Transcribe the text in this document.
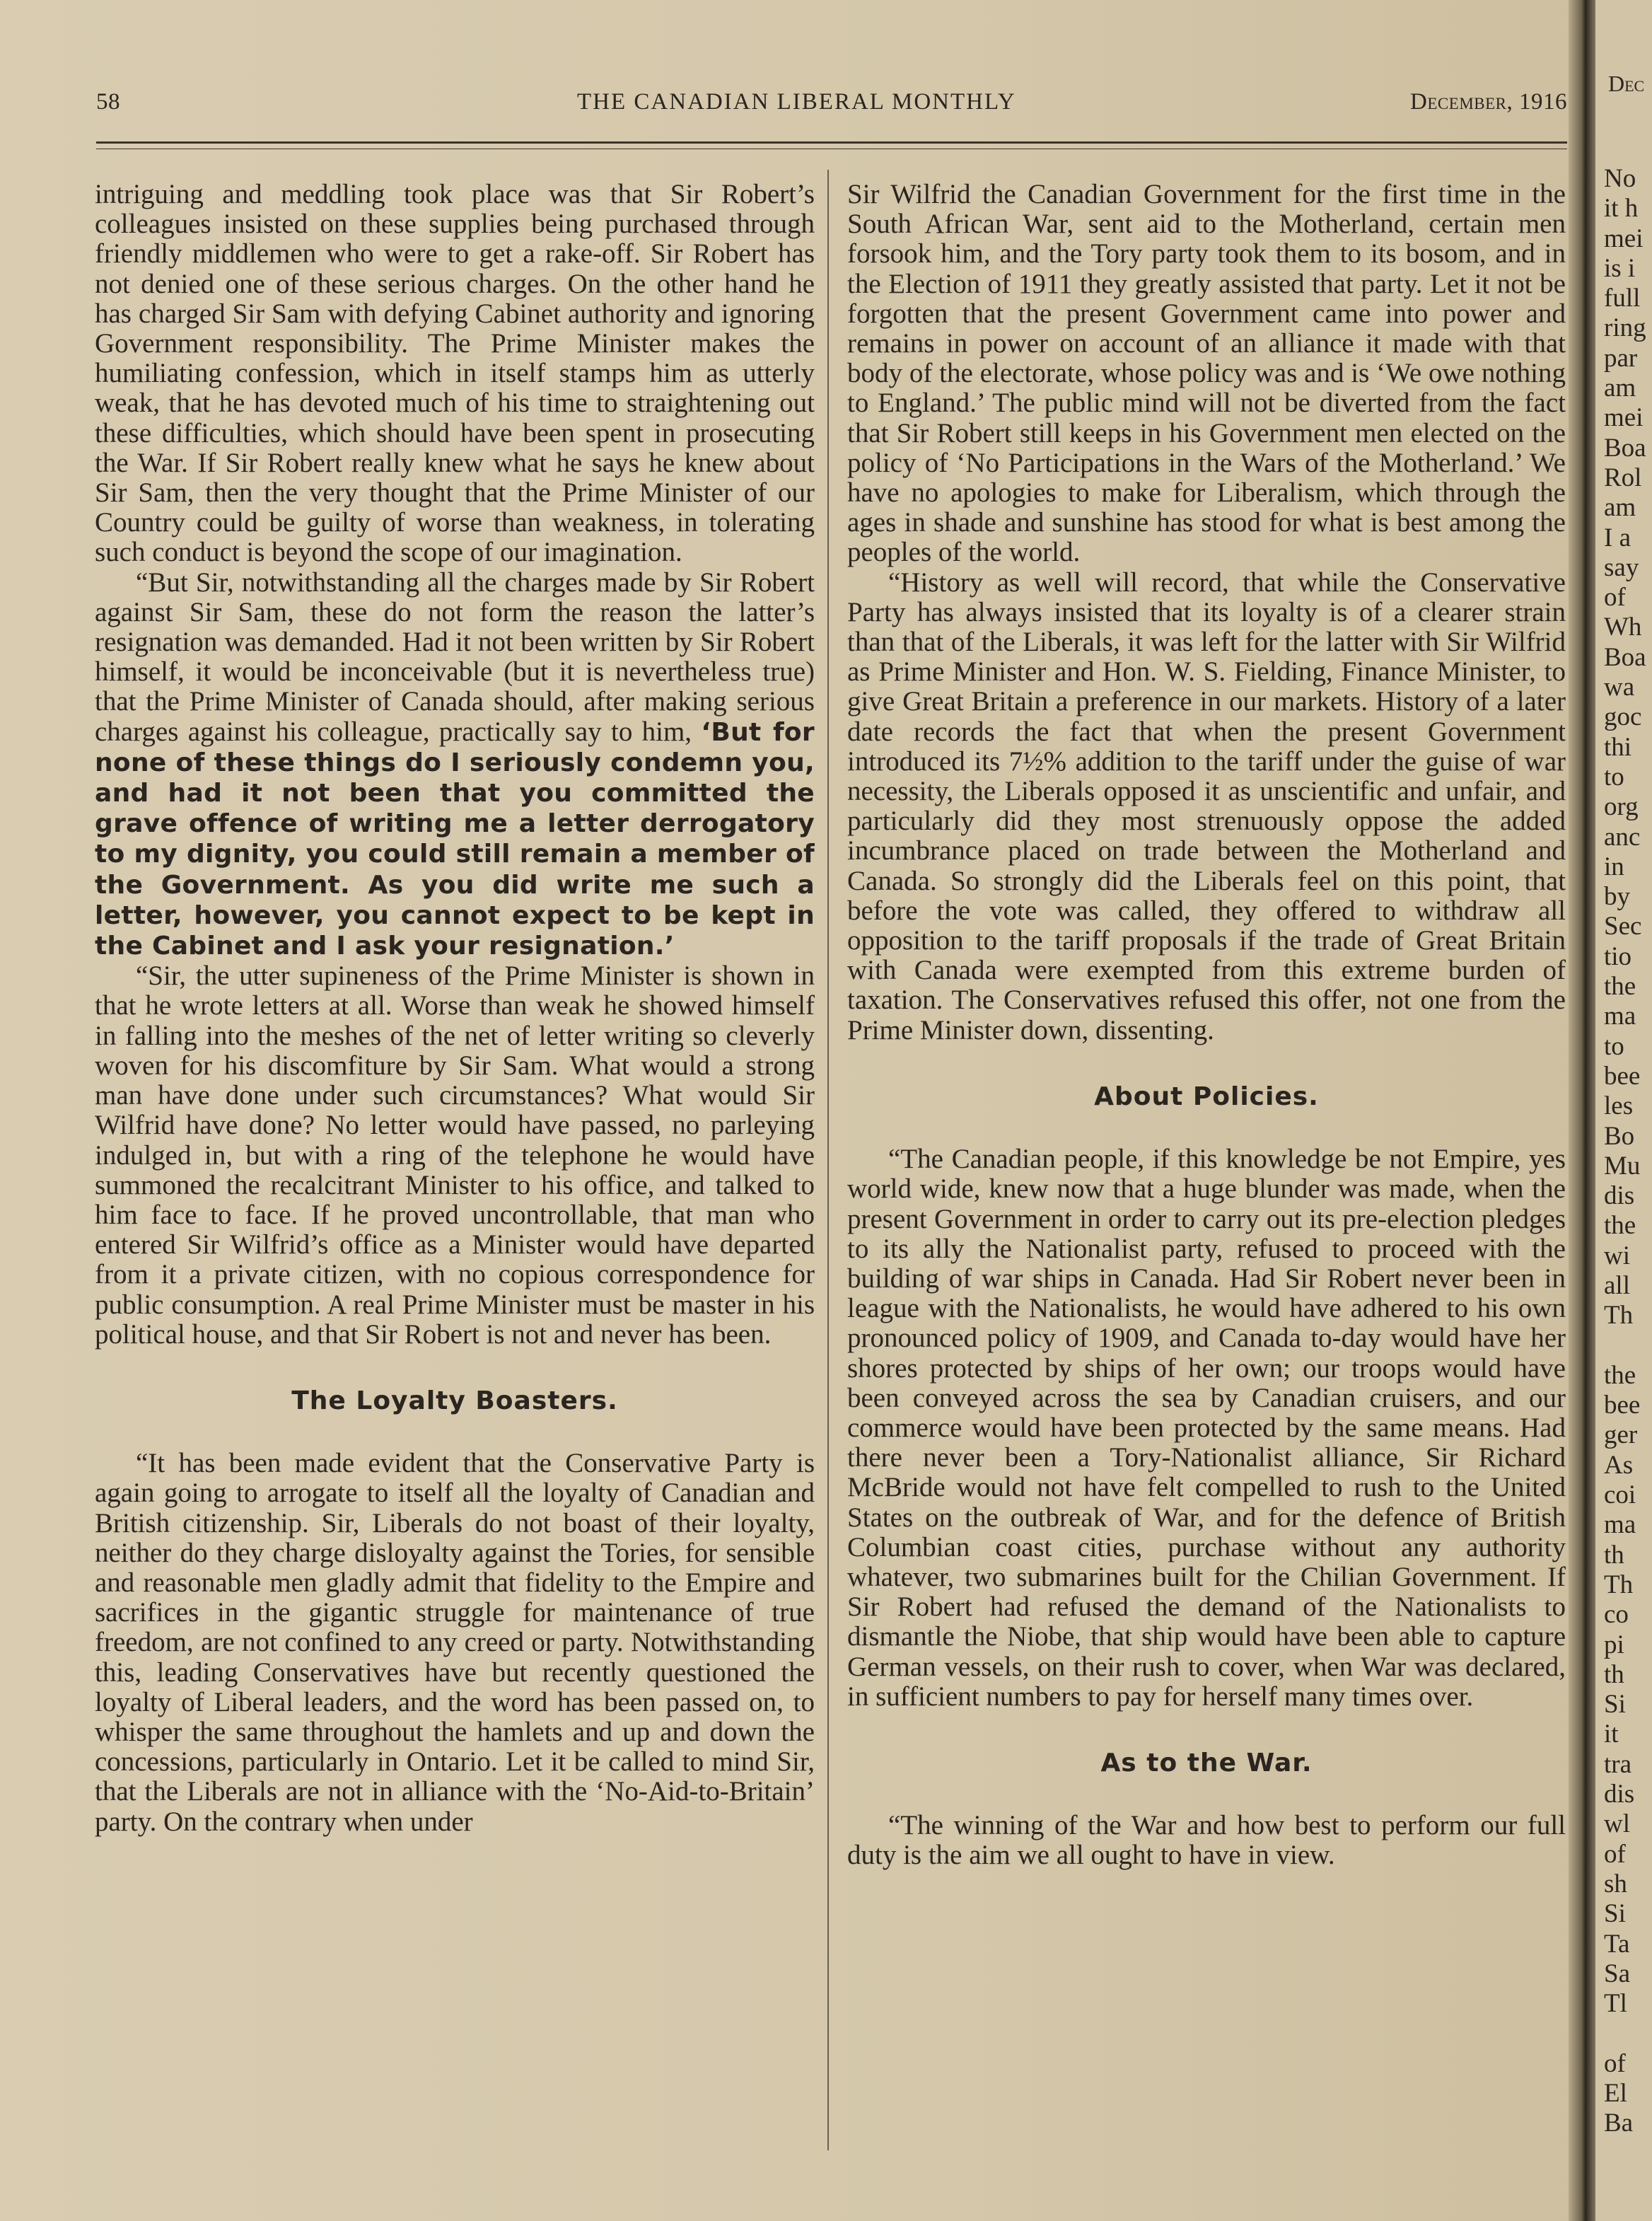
58	THE CANADIAN LIBERAL MONTHLY	December, 1916

intriguing and meddling took place was that Sir Robert’s colleagues insisted on these supplies being purchased through friendly middlemen who were to get a rake-off. Sir Robert has not denied one of these serious charges. On the other hand he has charged Sir Sam with defying Cabinet authority and ignoring Government responsibility. The Prime Minister makes the humiliating confession, which in itself stamps him as utterly weak, that he has devoted much of his time to straightening out these difficulties, which should have been spent in prosecuting the War. If Sir Robert really knew what he says he knew about Sir Sam, then the very thought that the Prime Minister of our Country could be guilty of worse than weakness, in tolerating such conduct is beyond the scope of our imagination.

“But Sir, notwithstanding all the charges made by Sir Robert against Sir Sam, these do not form the reason the latter’s resignation was demanded. Had it not been written by Sir Robert himself, it would be inconceivable (but it is nevertheless true) that the Prime Minister of Canada should, after making serious charges against his colleague, practically say to him, ‘But for none of these things do I seriously condemn you, and had it not been that you committed the grave offence of writing me a letter derrogatory to my dignity, you could still remain a member of the Government. As you did write me such a letter, however, you cannot expect to be kept in the Cabinet and I ask your resignation.’

“Sir, the utter supineness of the Prime Minister is shown in that he wrote letters at all. Worse than weak he showed himself in falling into the meshes of the net of letter writing so cleverly woven for his discomfiture by Sir Sam. What would a strong man have done under such circumstances? What would Sir Wilfrid have done? No letter would have passed, no parleying indulged in, but with a ring of the telephone he would have summoned the recalcitrant Minister to his office, and talked to him face to face. If he proved uncontrollable, that man who entered Sir Wilfrid’s office as a Minister would have departed from it a private citizen, with no copious correspondence for public consumption. A real Prime Minister must be master in his political house, and that Sir Robert is not and never has been.

The Loyalty Boasters.

“It has been made evident that the Conservative Party is again going to arrogate to itself all the loyalty of Canadian and British citizenship. Sir, Liberals do not boast of their loyalty, neither do they charge disloyalty against the Tories, for sensible and reasonable men gladly admit that fidelity to the Empire and sacrifices in the gigantic struggle for maintenance of true freedom, are not confined to any creed or party. Notwithstanding this, leading Conservatives have but recently questioned the loyalty of Liberal leaders, and the word has been passed on, to whisper the same throughout the hamlets and up and down the concessions, particularly in Ontario. Let it be called to mind Sir, that the Liberals are not in alliance with the ‘No-Aid-to-Britain’ party. On the contrary when under

Sir Wilfrid the Canadian Government for the first time in the South African War, sent aid to the Motherland, certain men forsook him, and the Tory party took them to its bosom, and in the Election of 1911 they greatly assisted that party. Let it not be forgotten that the present Government came into power and remains in power on account of an alliance it made with that body of the electorate, whose policy was and is ‘We owe nothing to England.’ The public mind will not be diverted from the fact that Sir Robert still keeps in his Government men elected on the policy of ‘No Participations in the Wars of the Motherland.’ We have no apologies to make for Liberalism, which through the ages in shade and sunshine has stood for what is best among the peoples of the world.

“History as well will record, that while the Conservative Party has always insisted that its loyalty is of a clearer strain than that of the Liberals, it was left for the latter with Sir Wilfrid as Prime Minister and Hon. W. S. Fielding, Finance Minister, to give Great Britain a preference in our markets. History of a later date records the fact that when the present Government introduced its 7½% addition to the tariff under the guise of war necessity, the Liberals opposed it as unscientific and unfair, and particularly did they most strenuously oppose the added incumbrance placed on trade between the Motherland and Canada. So strongly did the Liberals feel on this point, that before the vote was called, they offered to withdraw all opposition to the tariff proposals if the trade of Great Britain with Canada were exempted from this extreme burden of taxation. The Conservatives refused this offer, not one from the Prime Minister down, dissenting.

About Policies.

“The Canadian people, if this knowledge be not Empire, yes world wide, knew now that a huge blunder was made, when the present Government in order to carry out its pre-election pledges to its ally the Nationalist party, refused to proceed with the building of war ships in Canada. Had Sir Robert never been in league with the Nationalists, he would have adhered to his own pronounced policy of 1909, and Canada to-day would have her shores protected by ships of her own; our troops would have been conveyed across the sea by Canadian cruisers, and our commerce would have been protected by the same means. Had there never been a Tory-Nationalist alliance, Sir Richard McBride would not have felt compelled to rush to the United States on the outbreak of War, and for the defence of British Columbian coast cities, purchase without any authority whatever, two submarines built for the Chilian Government. If Sir Robert had refused the demand of the Nationalists to dismantle the Niobe, that ship would have been able to capture German vessels, on their rush to cover, when War was declared, in sufficient numbers to pay for herself many times over.

As to the War.

“The winning of the War and how best to perform our full duty is the aim we all ought to have in view.

Dec
No
it h
mei
is i
full
ring
par
am
mei
Boa
Rol
am
I a
say
of
Wh
Boa
wa
goc
thi
to
org
anc
in
by
Sec
tio
the
ma
to
bee
les
Bo
Mu
dis
the
wi
all
Th
the
bee
ger
As
coi
ma
th
Th
co
pi
th
Si
it
tra
dis
wl
of
sh
Si
Ta
Sa
Tl
of
El
Ba
